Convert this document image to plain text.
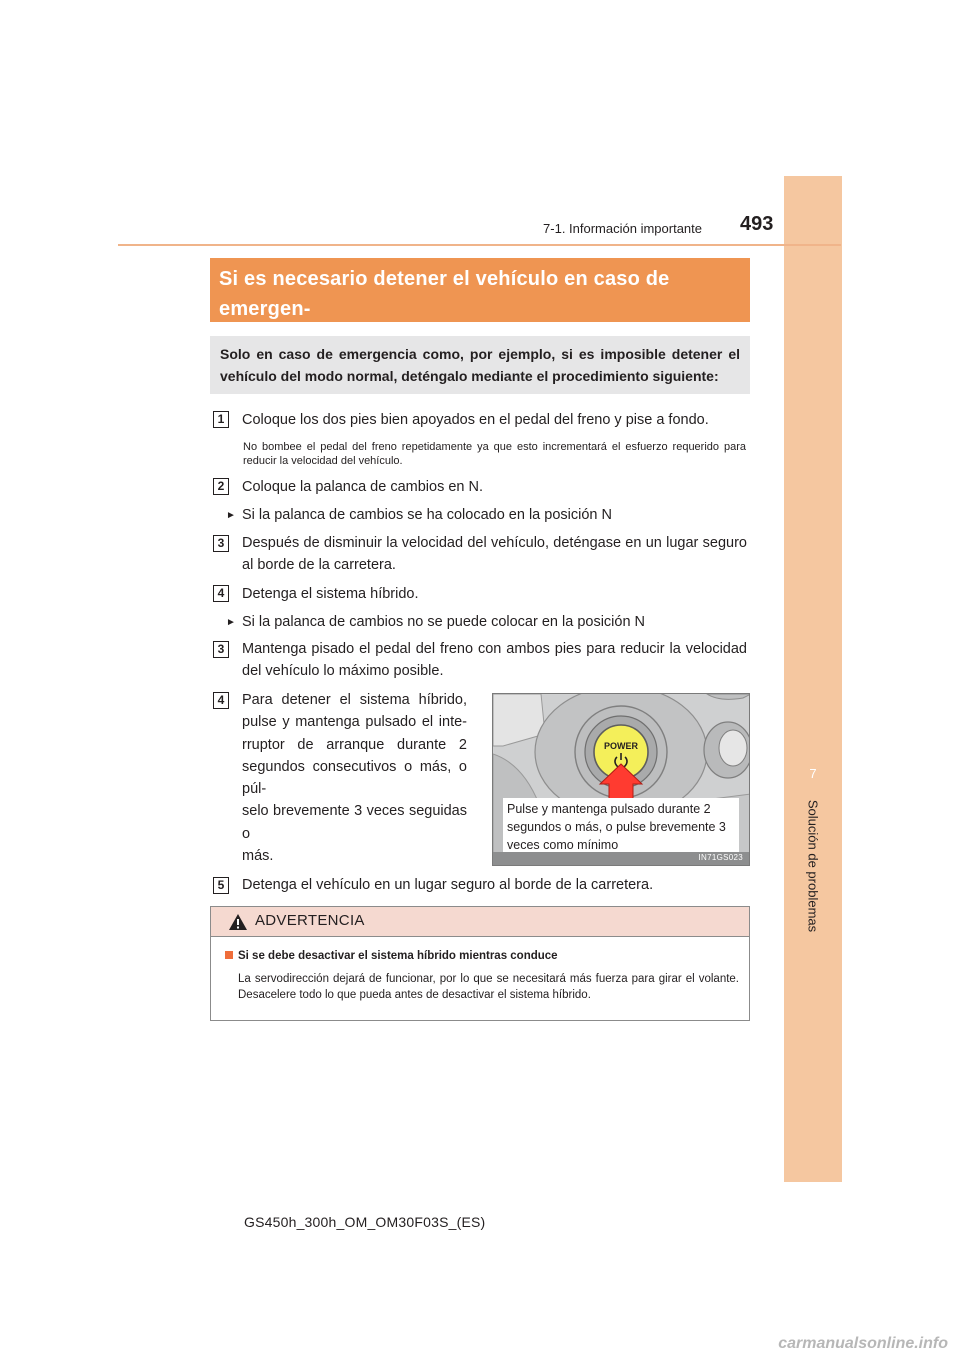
7
Solución de problemas
7-1. Información importante 493
Si es necesario detener el vehículo en caso de emergen-
Solo en caso de emergencia como, por ejemplo, si es imposible detener el vehículo del modo normal, deténgalo mediante el procedimiento siguiente:
1	Coloque los dos pies bien apoyados en el pedal del freno y pise a fondo.
No bombee el pedal del freno repetidamente ya que esto incrementará el esfuerzo requerido para reducir la velocidad del vehículo.
2	Coloque la palanca de cambios en N.
► Si la palanca de cambios se ha colocado en la posición N
3	Después de disminuir la velocidad del vehículo, deténgase en un lugar seguro al borde de la carretera.
4	Detenga el sistema híbrido.
► Si la palanca de cambios no se puede colocar en la posición N
3	Mantenga pisado el pedal del freno con ambos pies para reducir la velocidad del vehículo lo máximo posible.
4	Para detener el sistema híbrido,
pulse y mantenga pulsado el inte-
rruptor de arranque durante 2
segundos consecutivos o más, o púl-
selo brevemente 3 veces seguidas o
más.
POWER
Pulse y mantenga pulsado durante 2 segundos o más, o pulse brevemente 3 veces como mínimo
IN71GS023
5	Detenga el vehículo en un lugar seguro al borde de la carretera.
ADVERTENCIA
Si se debe desactivar el sistema híbrido mientras conduce
La servodirección dejará de funcionar, por lo que se necesitará más fuerza para girar el volante. Desacelere todo lo que pueda antes de desactivar el sistema híbrido.
GS450h_300h_OM_OM30F03S_(ES)
carmanualsonline.info
